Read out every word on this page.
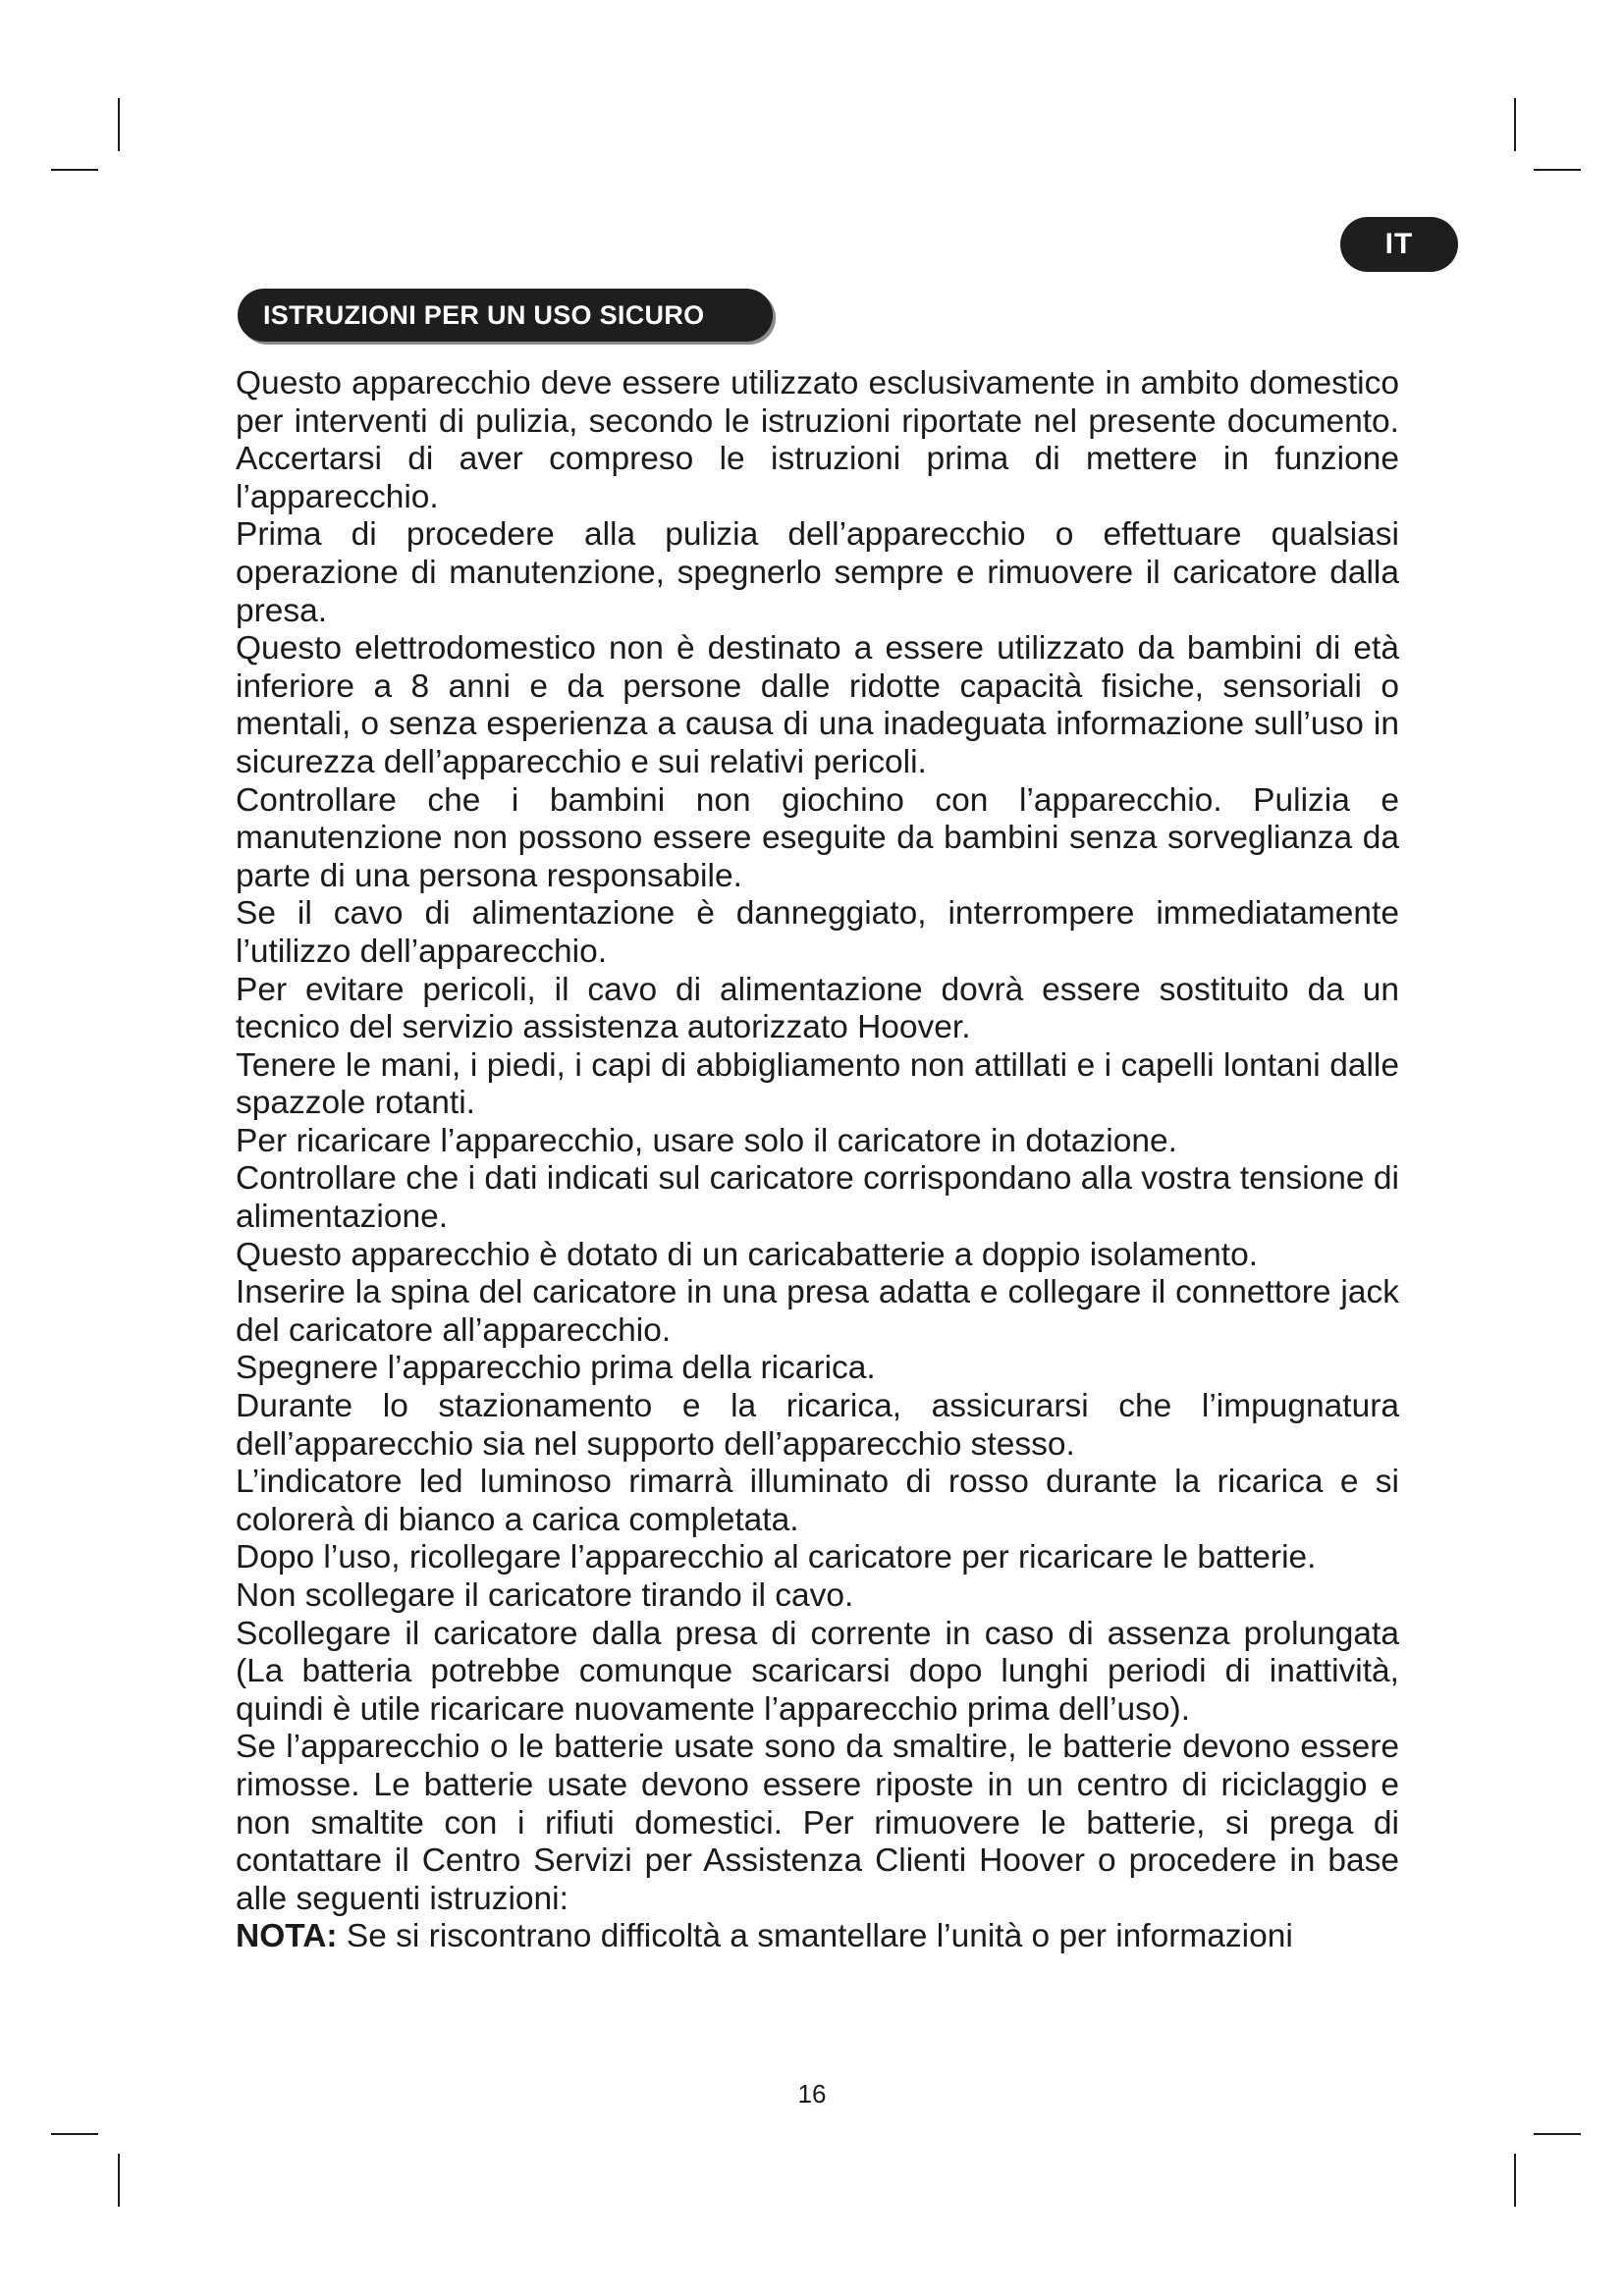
IT
ISTRUZIONI PER UN USO SICURO

Questo apparecchio deve essere utilizzato esclusivamente in ambito domestico per interventi di pulizia, secondo le istruzioni riportate nel presente documento. Accertarsi di aver compreso le istruzioni prima di mettere in funzione l’apparecchio.

Prima di procedere alla pulizia dell’apparecchio o effettuare qualsiasi operazione di manutenzione, spegnerlo sempre e rimuovere il caricatore dalla presa.

Questo elettrodomestico non è destinato a essere utilizzato da bambini di età inferiore a 8 anni e da persone dalle ridotte capacità fisiche, sensoriali o mentali, o senza esperienza a causa di una inadeguata informazione sull’uso in sicurezza dell’apparecchio e sui relativi pericoli.

Controllare che i bambini non giochino con l’apparecchio. Pulizia e manutenzione non possono essere eseguite da bambini senza sorveglianza da parte di una persona responsabile.

Se il cavo di alimentazione è danneggiato, interrompere immediatamente l’utilizzo dell’apparecchio.

Per evitare pericoli, il cavo di alimentazione dovrà essere sostituito da un tecnico del servizio assistenza autorizzato Hoover.

Tenere le mani, i piedi, i capi di abbigliamento non attillati e i capelli lontani dalle spazzole rotanti.

Per ricaricare l’apparecchio, usare solo il caricatore in dotazione.

Controllare che i dati indicati sul caricatore corrispondano alla vostra tensione di alimentazione.

Questo apparecchio è dotato di un caricabatterie a doppio isolamento.

Inserire la spina del caricatore in una presa adatta e collegare il connettore jack del caricatore all’apparecchio.

Spegnere l’apparecchio prima della ricarica.

Durante lo stazionamento e la ricarica, assicurarsi che l’impugnatura dell’apparecchio sia nel supporto dell’apparecchio stesso.

L’indicatore led luminoso rimarrà illuminato di rosso durante la ricarica e si colorerà di bianco a carica completata.

Dopo l’uso, ricollegare l’apparecchio al caricatore per ricaricare le batterie.

Non scollegare il caricatore tirando il cavo.

Scollegare il caricatore dalla presa di corrente in caso di assenza prolungata (La batteria potrebbe comunque scaricarsi dopo lunghi periodi di inattività, quindi è utile ricaricare nuovamente l’apparecchio prima dell’uso).

Se l’apparecchio o le batterie usate sono da smaltire, le batterie devono essere rimosse. Le batterie usate devono essere riposte in un centro di riciclaggio e non smaltite con i rifiuti domestici. Per rimuovere le batterie, si prega di contattare il Centro Servizi per Assistenza Clienti Hoover o procedere in base alle seguenti istruzioni:

NOTA: Se si riscontrano difficoltà a smantellare l’unità o per informazioni

16
